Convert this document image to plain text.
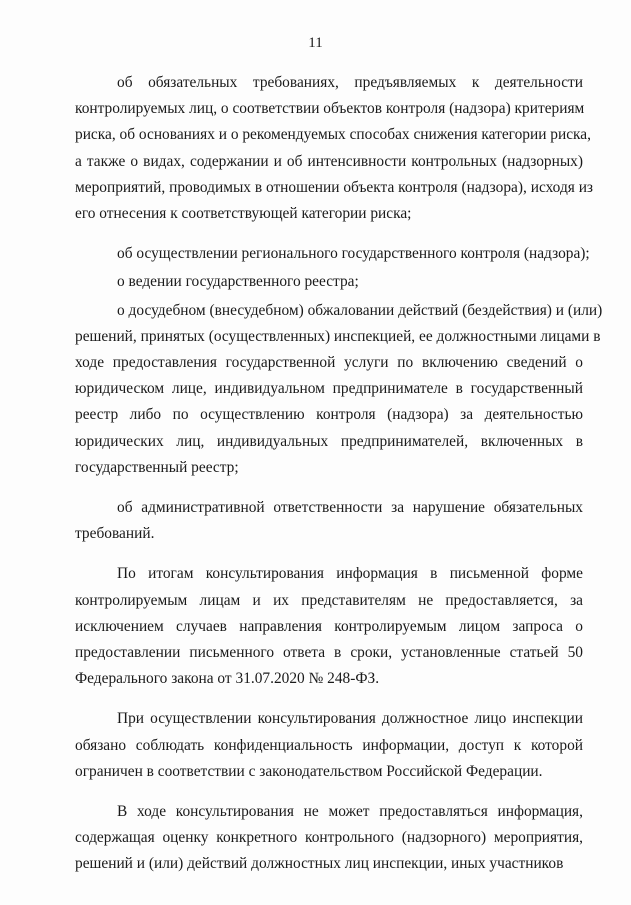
11
об обязательных требованиях, предъявляемых к деятельности
контролируемых лиц, о соответствии объектов контроля (надзора) критериям
риска, об основаниях и о рекомендуемых способах снижения категории риска,
а также о видах, содержании и об интенсивности контрольных (надзорных)
мероприятий, проводимых в отношении объекта контроля (надзора), исходя из
его отнесения к соответствующей категории риска;
об осуществлении регионального государственного контроля (надзора);
о ведении государственного реестра;
о досудебном (внесудебном) обжаловании действий (бездействия) и (или)
решений, принятых (осуществленных) инспекцией, ее должностными лицами в
ходе предоставления государственной услуги по включению сведений о
юридическом лице, индивидуальном предпринимателе в государственный
реестр либо по осуществлению контроля (надзора) за деятельностью
юридических лиц, индивидуальных предпринимателей, включенных в
государственный реестр;
об административной ответственности за нарушение обязательных
требований.
По итогам консультирования информация в письменной форме
контролируемым лицам и их представителям не предоставляется, за
исключением случаев направления контролируемым лицом запроса о
предоставлении письменного ответа в сроки, установленные статьей 50
Федерального закона от 31.07.2020 № 248-ФЗ.
При осуществлении консультирования должностное лицо инспекции
обязано соблюдать конфиденциальность информации, доступ к которой
ограничен в соответствии с законодательством Российской Федерации.
В ходе консультирования не может предоставляться информация,
содержащая оценку конкретного контрольного (надзорного) мероприятия,
решений и (или) действий должностных лиц инспекции, иных участников
